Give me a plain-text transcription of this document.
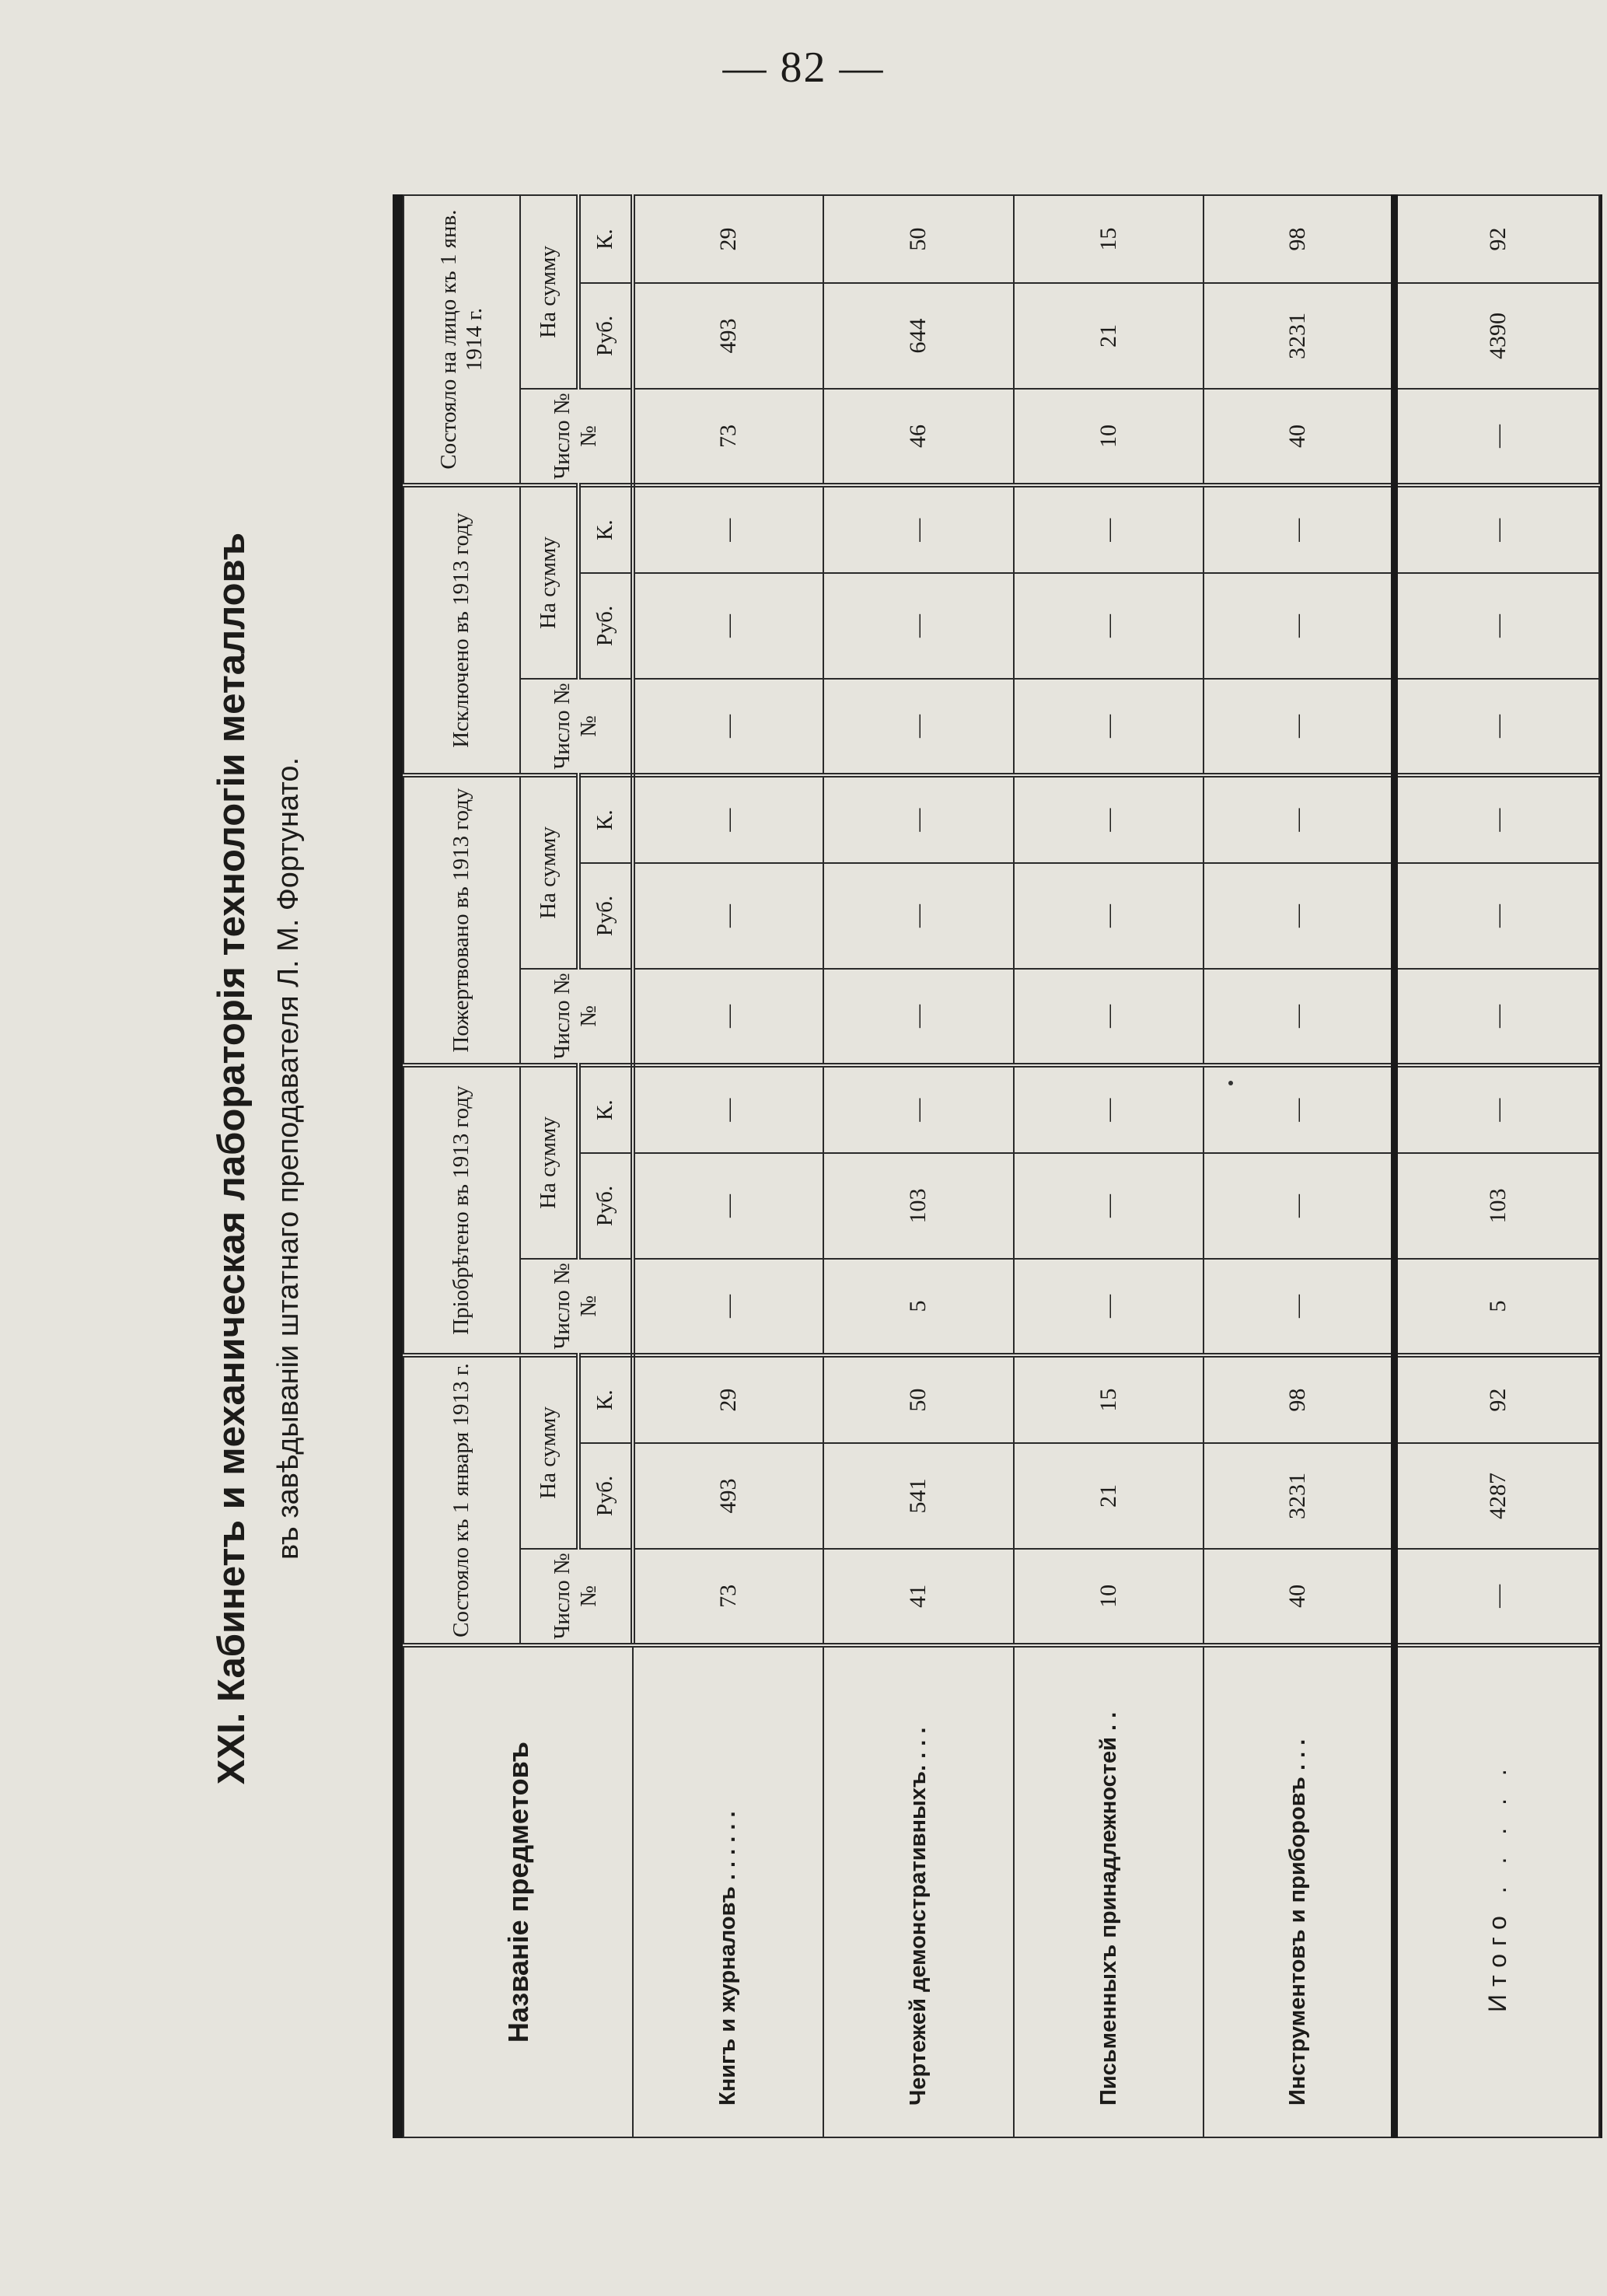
— 82 —
XXI. Кабинетъ и механическая лабораторія технологіи металловъ въ завѣдываніи штатнаго преподавателя Л. М. Фортунато.
Названіе предметовъ	Состояло къ 1 января 1913 г.			Пріобрѣтено въ 1913 году			Пожертвовано въ 1913 году			Исключено въ 1913 году			Состояло на лицо къ 1 янв. 1914 г.		
	Число №№	На сумму		Число №№	На сумму		Число №№	На сумму		Число №№	На сумму		Число №№	На сумму	
		Руб.	К.		Руб.	К.		Руб.	К.		Руб.	К.		Руб.	К.
Книгъ и журналовъ . . . . . .	73	493	29	—	—	—	—	—	—	—	—	—	73	493	29
Чертежей демонстративныхъ. . . .	41	541	50	5	103	—	—	—	—	—	—	—	46	644	50
Письменныхъ принадлежностей . .	10	21	15	—	—	—	—	—	—	—	—	—	10	21	15
Инструментовъ и приборовъ . . .	40	3231	98	—	—	—	—	—	—	—	—	—	40	3231	98
Итого . . . . .	—	4287	92	5	103	—	—	—	—	—	—	—	—	4390	92
